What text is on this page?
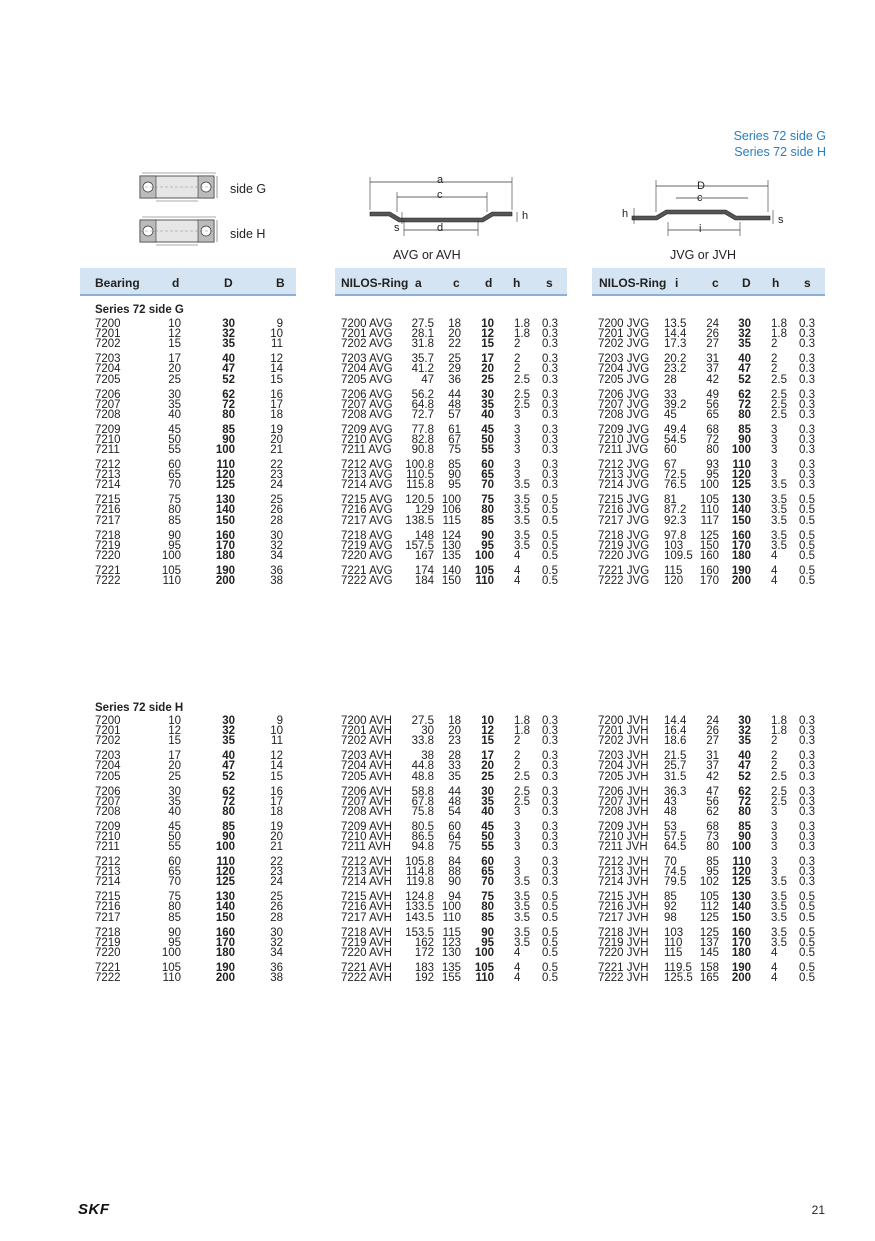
Series 72 side G
Series 72 side H
side G
side H
a
c
d
h
s
AVG or AVH
D
c
i
h	s
JVG or JVH
Bearing	d	D	B	NILOS-Ring a	c d h s	NILOS-Ring i	c D h s
Series 72 side G
Series 72 side H
7200	10	30	9
7201	12	32	10
7202	15	35	11
7203	17	40	12
7204	20	47	14
7205	25	52	15
7206	30	62	16
7207	35	72	17
7208	40	80	18
7209	45	85	19
7210	50	90	20
7211	55	100	21
7212	60	110	22
7213	65	120	23
7214	70	125	24
7215	75	130	25
7216	80	140	26
7217	85	150	28
7218	90	160	30
7219	95	170	32
7220	100	180	34
7221	105	190	36
7222	110	200	38
7200 AVG 27.5 18 10 1.8 0.3
7201 AVG 28.1 20 12 1.8 0.3
7202 AVG 31.8 22 15 2 0.3
7203 AVG 35.7 25 17 2 0.3
7204 AVG 41.2 29 20 2 0.3
7205 AVG 47 36 25 2.5 0.3
7206 AVG 56.2 44 30 2.5 0.3
7207 AVG 64.8 48 35 2.5 0.3
7208 AVG 72.7 57 40 3 0.3
7209 AVG 77.8 61 45 3 0.3
7210 AVG 82.8 67 50 3 0.3
7211 AVG 90.8 75 55 3 0.3
7212 AVG 100.8 85 60 3 0.3
7213 AVG 110.5 90 65 3 0.3
7214 AVG 115.8 95 70 3.5 0.3
7215 AVG 120.5 100 75 3.5 0.5
7216 AVG 129 106 80 3.5 0.5
7217 AVG 138.5 115 85 3.5 0.5
7218 AVG 148 124 90 3.5 0.5
7219 AVG 157.5 130 95 3.5 0.5
7220 AVG 167 135 100 4 0.5
7221 AVG 174 140 105 4 0.5
7222 AVG 184 150 110 4 0.5
7200 JVG 13.5 24 30 1.8 0.3
7201 JVG 14.4 26 32 1.8 0.3
7202 JVG 17.3 27 35 2 0.3
7203 JVG 20.2 31 40 2 0.3
7204 JVG 23.2 37 47 2 0.3
7205 JVG 28	42 52 2.5 0.3
7206 JVG 33	49 62 2.5 0.3
7207 JVG 39.2 56 72 2.5 0.3
7208 JVG 45	65 80 2.5 0.3
7209 JVG 49.4 68 85 3 0.3
7210 JVG 54.5 72 90 3 0.3
7211 JVG 60	80 100 3 0.3
7212 JVG 67	93 110 3 0.3
7213 JVG 72.5 95 120 3 0.3
7214 JVG 76.5 100 125 3.5 0.3
7215 JVG 81 105 130 3.5 0.5
7216 JVG 87.2 110 140 3.5 0.5
7217 JVG 92.3 117 150 3.5 0.5
7218 JVG 97.8 125 160 3.5 0.5
7219 JVG 103 150 170 3.5 0.5
7220 JVG 109.5 160 180 4 0.5
7221 JVG 115 160 190 4 0.5
7222 JVG 120 170 200 4 0.5
7200	10	30	9
7201	12	32	10
7202	15	35	11
7203	17	40	12
7204	20	47	14
7205	25	52	15
7206	30	62	16
7207	35	72	17
7208	40	80	18
7209	45	85	19
7210	50	90	20
7211	55	100	21
7212	60	110	22
7213	65	120	23
7214	70	125	24
7215	75	130	25
7216	80	140	26
7217	85	150	28
7218	90	160	30
7219	95	170	32
7220	100	180	34
7221	105	190	36
7222	110	200	38
7200 AVH 27.5 18 10 1.8 0.3
7201 AVH	30 20 12 1.8 0.3
7202 AVH 33.8 23 15 2 0.3
7203 AVH	38 28 17 2 0.3
7204 AVH 44.8 33 20 2 0.3
7205 AVH 48.8 35 25 2.5 0.3
7206 AVH 58.8 44 30 2.5 0.3
7207 AVH 67.8 48 35 2.5 0.3
7208 AVH 75.8 54 40 3 0.3
7209 AVH 80.5 60 45 3 0.3
7210 AVH 86.5 64 50 3 0.3
7211 AVH 94.8 75 55 3 0.3
7212 AVH 105.8 84 60 3 0.3
7213 AVH 114.8 88 65 3 0.3
7214 AVH 119.8 90 70 3.5 0.3
7215 AVH 124.8 94 75 3.5 0.5
7216 AVH 133.5 100 80 3.5 0.5
7217 AVH 143.5 110 85 3.5 0.5
7218 AVH 153.5 115 90 3.5 0.5
7219 AVH 162 123 95 3.5 0.5
7220 AVH 172 130 100 4 0.5
7221 AVH 183 135 105 4 0.5
7222 AVH 192 155 110 4 0.5
7200 JVH 14.4 24 30 1.8 0.3
7201 JVH 16.4 26 32 1.8 0.3
7202 JVH 18.6 27 35 2 0.3
7203 JVH 21.5 31 40 2 0.3
7204 JVH 25.7 37 47 2 0.3
7205 JVH 31.5 42 52 2.5 0.3
7206 JVH 36.3 47 62 2.5 0.3
7207 JVH 43	56 72 2.5 0.3
7208 JVH 48	62 80 3 0.3
7209 JVH 53	68 85 3 0.3
7210 JVH 57.5 73 90 3 0.3
7211 JVH 64.5 80 100 3 0.3
7212 JVH 70	85 110 3 0.3
7213 JVH 74.5 95 120 3 0.3
7214 JVH 79.5 102 125 3.5 0.3
7215 JVH 85 105 130 3.5 0.5
7216 JVH 92 112 140 3.5 0.5
7217 JVH 98 125 150 3.5 0.5
7218 JVH 103 125 160 3.5 0.5
7219 JVH 110 137 170 3.5 0.5
7220 JVH 115 145 180 4 0.5
7221 JVH 119.5 158 190 4 0.5
7222 JVH 125.5 165 200 4 0.5
SKF	21
